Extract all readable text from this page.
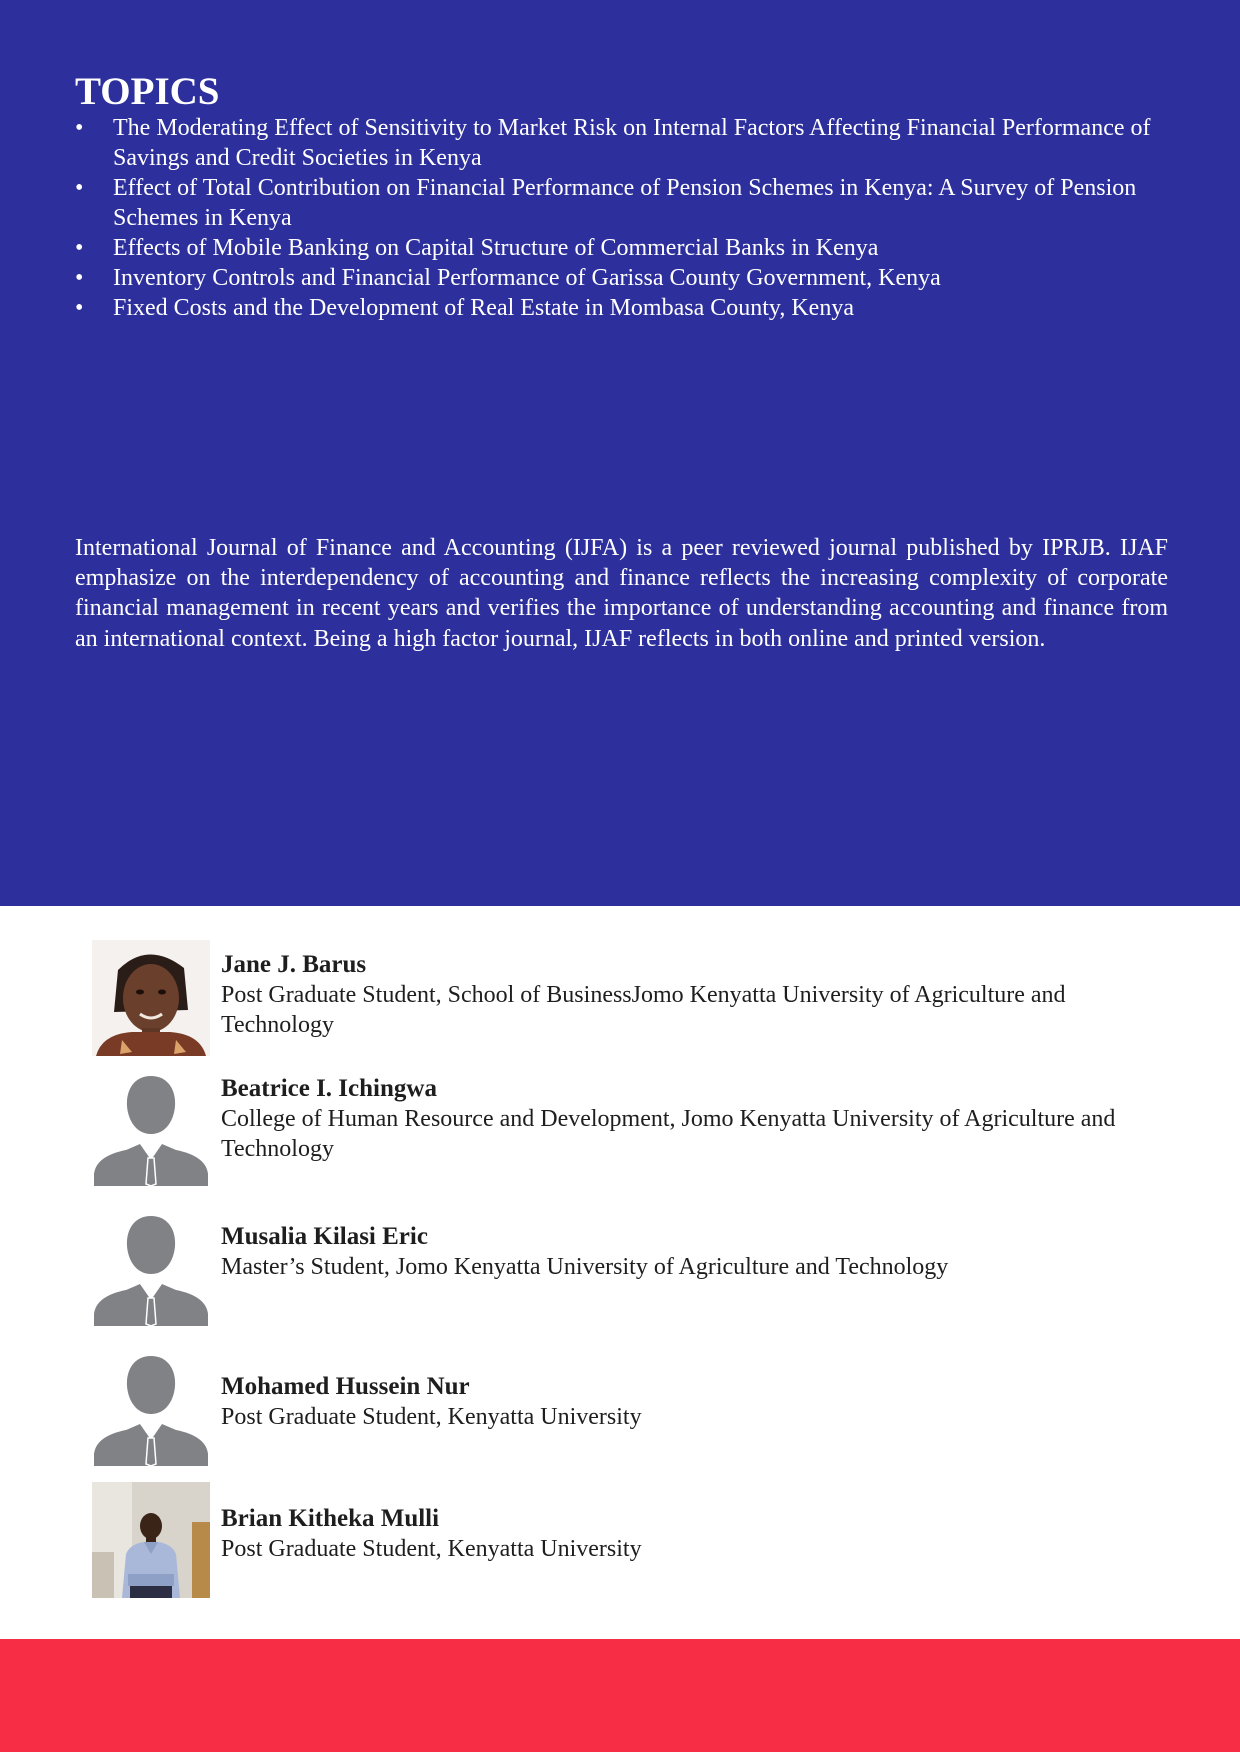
TOPICS
• The Moderating Effect of Sensitivity to Market Risk on Internal Factors Affecting Financial Performance of Savings and Credit Societies in Kenya
• Effect of Total Contribution on Financial Performance of Pension Schemes in Kenya: A Survey of Pension Schemes in Kenya
• Effects of Mobile Banking on Capital Structure of Commercial Banks in Kenya
• Inventory Controls and Financial Performance of Garissa County Government, Kenya
• Fixed Costs and the Development of Real Estate in Mombasa County, Kenya

International Journal of Finance and Accounting (IJFA) is a peer reviewed journal published by IPRJB. IJAF emphasize on the interdependency of accounting and finance reflects the increasing complexity of corporate financial management in recent years and verifies the importance of understanding accounting and finance from an international context. Being a high factor journal, IJAF reflects in both online and printed version.

Jane J. Barus
Post Graduate Student, School of BusinessJomo Kenyatta University of Agriculture and Technology
Beatrice I. Ichingwa
College of Human Resource and Development, Jomo Kenyatta University of Agriculture and Technology
Musalia Kilasi Eric
Master’s Student, Jomo Kenyatta University of Agriculture and Technology
Mohamed Hussein Nur
Post Graduate Student, Kenyatta University
Brian Kitheka Mulli
Post Graduate Student, Kenyatta University
